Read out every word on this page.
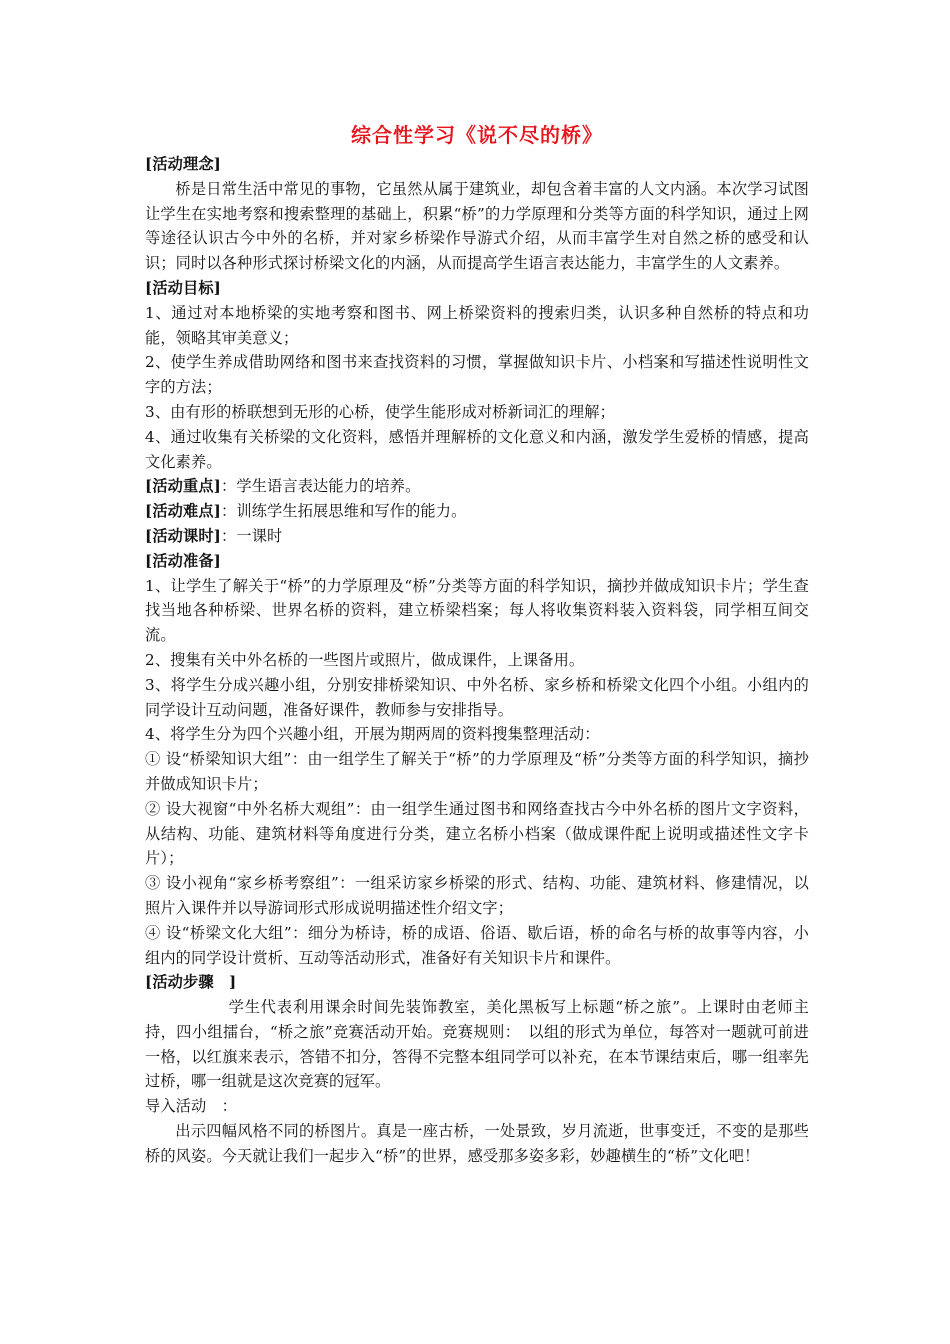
综合性学习《说不尽的桥》

[活动理念]

桥是日常生活中常见的事物，它虽然从属于建筑业，却包含着丰富的人文内涵。本次学习试图让学生在实地考察和搜索整理的基础上，积累“桥”的力学原理和分类等方面的科学知识，通过上网等途径认识古今中外的名桥，并对家乡桥梁作导游式介绍，从而丰富学生对自然之桥的感受和认识；同时以各种形式探讨桥梁文化的内涵，从而提高学生语言表达能力，丰富学生的人文素养。

[活动目标]

1、通过对本地桥梁的实地考察和图书、网上桥梁资料的搜索归类，认识多种自然桥的特点和功能，领略其审美意义；

2、使学生养成借助网络和图书来查找资料的习惯，掌握做知识卡片、小档案和写描述性说明性文字的方法；

3、由有形的桥联想到无形的心桥，使学生能形成对桥新词汇的理解；

4、通过收集有关桥梁的文化资料，感悟并理解桥的文化意义和内涵，激发学生爱桥的情感，提高文化素养。

[活动重点]：学生语言表达能力的培养。

[活动难点]：训练学生拓展思维和写作的能力。

[活动课时]：一课时

[活动准备]

1、让学生了解关于“桥”的力学原理及“桥”分类等方面的科学知识，摘抄并做成知识卡片；学生查找当地各种桥梁、世界名桥的资料，建立桥梁档案；每人将收集资料装入资料袋，同学相互间交流。

2、搜集有关中外名桥的一些图片或照片，做成课件，上课备用。

3、将学生分成兴趣小组，分别安排桥梁知识、中外名桥、家乡桥和桥梁文化四个小组。小组内的同学设计互动问题，准备好课件，教师参与安排指导。

4、将学生分为四个兴趣小组，开展为期两周的资料搜集整理活动：

① 设“桥梁知识大组”：由一组学生了解关于“桥”的力学原理及“桥”分类等方面的科学知识，摘抄并做成知识卡片；

② 设大视窗“中外名桥大观组”：由一组学生通过图书和网络查找古今中外名桥的图片文字资料，从结构、功能、建筑材料等角度进行分类，建立名桥小档案（做成课件配上说明或描述性文字卡片）；

③ 设小视角“家乡桥考察组”：一组采访家乡桥梁的形式、结构、功能、建筑材料、修建情况，以照片入课件并以导游词形式形成说明描述性介绍文字；

④ 设“桥梁文化大组”：细分为桥诗，桥的成语、俗语、歇后语，桥的命名与桥的故事等内容，小组内的同学设计赏析、互动等活动形式，准备好有关知识卡片和课件。

[活动步骤　]

学生代表利用课余时间先装饰教室，美化黑板写上标题“桥之旅”。上课时由老师主持，四小组擂台，“桥之旅”竞赛活动开始。竞赛规则：　以组的形式为单位，每答对一题就可前进一格，以红旗来表示，答错不扣分，答得不完整本组同学可以补充，在本节课结束后，哪一组率先过桥，哪一组就是这次竞赛的冠军。

导入活动　：

出示四幅风格不同的桥图片。真是一座古桥，一处景致，岁月流逝，世事变迁，不变的是那些桥的风姿。今天就让我们一起步入“桥”的世界，感受那多姿多彩，妙趣横生的“桥”文化吧！
